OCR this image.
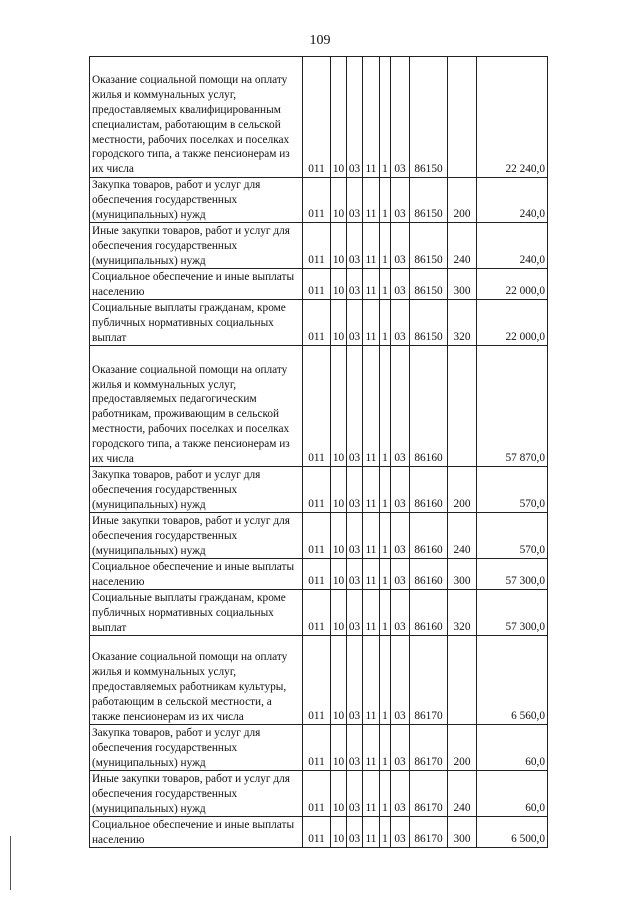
109
Оказание социальной помощи на оплату жилья и коммунальных услуг, предоставляемых квалифицированным специалистам, работающим в сельской местности, рабочих поселках и поселках городского типа, а также пенсионерам из их числа	011	10	03	11	1	03	86150		22 240,0
Закупка товаров, работ и услуг для обеспечения государственных (муниципальных) нужд	011	10	03	11	1	03	86150	200	240,0
Иные закупки товаров, работ и услуг для обеспечения государственных (муниципальных) нужд	011	10	03	11	1	03	86150	240	240,0
Социальное обеспечение и иные выплаты населению	011	10	03	11	1	03	86150	300	22 000,0
Социальные выплаты гражданам, кроме публичных нормативных социальных выплат	011	10	03	11	1	03	86150	320	22 000,0
Оказание социальной помощи на оплату жилья и коммунальных услуг, предоставляемых педагогическим работникам, проживающим в сельской местности, рабочих поселках и поселках городского типа, а также пенсионерам из их числа	011	10	03	11	1	03	86160		57 870,0
Закупка товаров, работ и услуг для обеспечения государственных (муниципальных) нужд	011	10	03	11	1	03	86160	200	570,0
Иные закупки товаров, работ и услуг для обеспечения государственных (муниципальных) нужд	011	10	03	11	1	03	86160	240	570,0
Социальное обеспечение и иные выплаты населению	011	10	03	11	1	03	86160	300	57 300,0
Социальные выплаты гражданам, кроме публичных нормативных социальных выплат	011	10	03	11	1	03	86160	320	57 300,0
Оказание социальной помощи на оплату жилья и коммунальных услуг, предоставляемых работникам культуры, работающим в сельской местности, а также пенсионерам из их числа	011	10	03	11	1	03	86170		6 560,0
Закупка товаров, работ и услуг для обеспечения государственных (муниципальных) нужд	011	10	03	11	1	03	86170	200	60,0
Иные закупки товаров, работ и услуг для обеспечения государственных (муниципальных) нужд	011	10	03	11	1	03	86170	240	60,0
Социальное обеспечение и иные выплаты населению	011	10	03	11	1	03	86170	300	6 500,0
